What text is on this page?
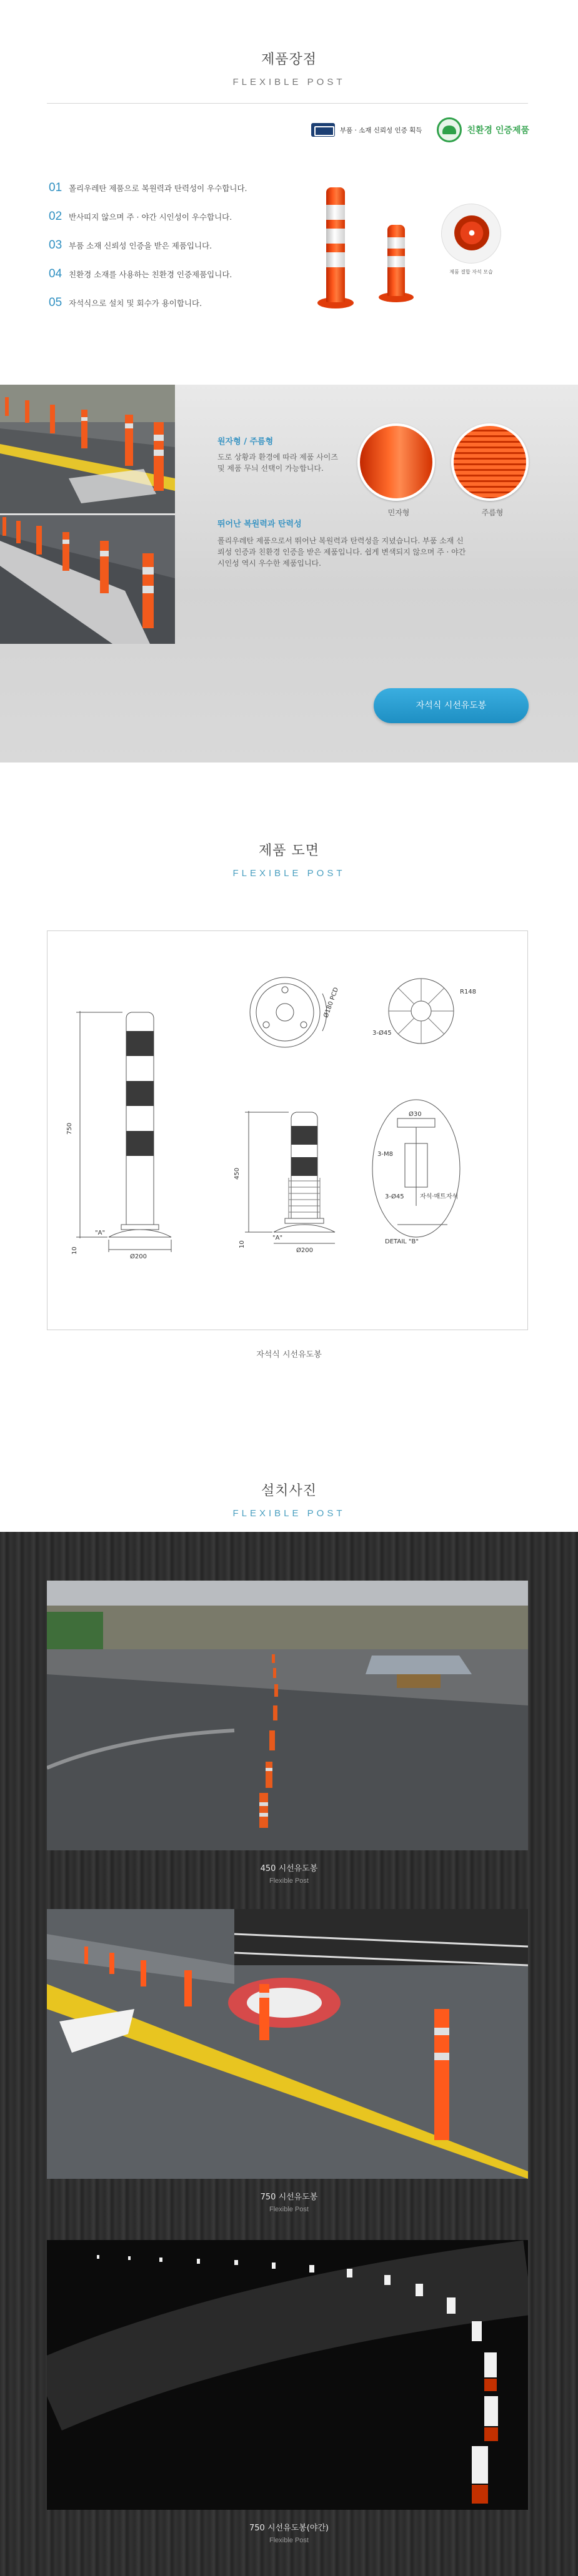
제품장점
FLEXIBLE POST
부품 · 소재 신뢰성 인증 획득	친환경 인증제품
01 폴리우레탄 제품으로 복원력과 탄력성이 우수합니다.
02 반사띠지 않으며 주 · 야간 시인성이 우수합니다.
03 부품 소재 신뢰성 인증을 받은 제품입니다.
04 친환경 소재를 사용하는 친환경 인증제품입니다.
05 자석식으로 설치 및 회수가 용이합니다.
제품 결합 자석 모습
원자형 / 주름형
도로 상황과 환경에 따라 제품 사이즈 및 제품 무늬 선택이 가능합니다.
민자형	주름형
뛰어난 복원력과 탄력성
폴리우레탄 제품으로서 뛰어난 복원력과 탄력성을 지녔습니다. 부품 소재 신뢰성 인증과 친환경 인증을 받은 제품입니다. 쉽게 변색되지 않으며 주 · 야간 시인성 역시 우수한 제품입니다.
자석식 시선유도봉
제품 도면
FLEXIBLE POST
750
450
Ø200
Ø200
10
10
"A"
"A"
R148
Ø180 PCD
3-Ø45
3-Ø45
Ø30
DETAIL "B"
자석·매트자석
3-M8
자석식 시선유도봉
설치사진
FLEXIBLE POST
450 시선유도봉
Flexible Post
750 시선유도봉
Flexible Post
750 시선유도봉(야간)
Flexible Post
